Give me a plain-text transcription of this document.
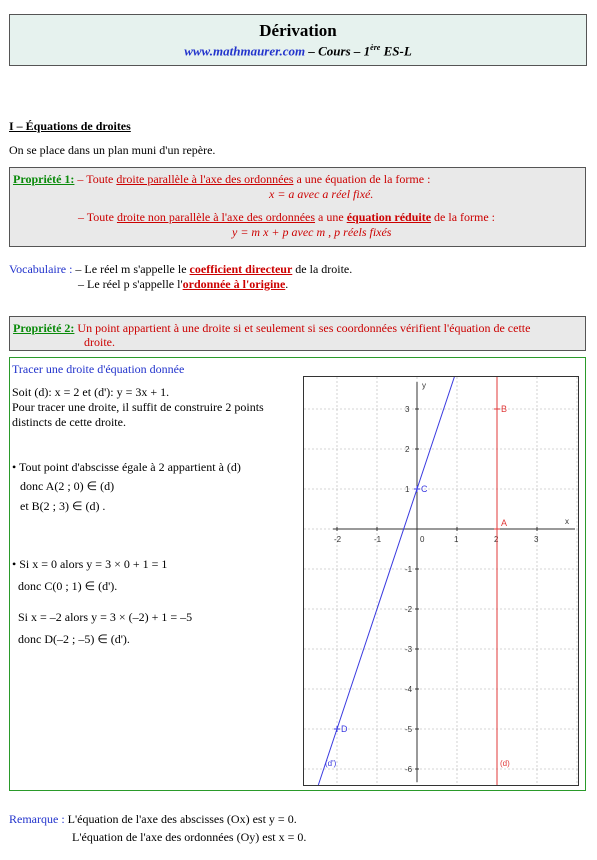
Dérivation
www.mathmaurer.com – Cours – 1ère ES-L
I – Équations de droites
On se place dans un plan muni d'un repère.
Propriété 1: – Toute droite parallèle à l'axe des ordonnées a une équation de la forme :
x = a avec a réel fixé.
– Toute droite non parallèle à l'axe des ordonnées a une équation réduite de la forme :
y = m x + p avec m , p réels fixés
Vocabulaire : – Le réel m s'appelle le coefficient directeur de la droite.
– Le réel p s'appelle l'ordonnée à l'origine.
Propriété 2: Un point appartient à une droite si et seulement si ses coordonnées vérifient l'équation de cette
droite.
Tracer une droite d'équation donnée
Soit (d): x = 2 et (d'): y = 3x + 1.
Pour tracer une droite, il suffit de construire 2 points
distincts de cette droite.
• Tout point d'abscisse égale à 2 appartient à (d)
donc A(2 ; 0) ∈ (d)
et B(2 ; 3) ∈ (d) .
• Si x = 0 alors y = 3 × 0 + 1 = 1
donc C(0 ; 1) ∈ (d').
Si x = –2 alors y = 3 × (–2) + 1 = –5
donc D(–2 ; –5) ∈ (d').
x
y
-2	-1	0	1	2	3
3
2
1
-1
-2
-3
-4
-5
-6
(d)
(d')
A
B
C
D
Remarque : L'équation de l'axe des abscisses (Ox) est y = 0.
L'équation de l'axe des ordonnées (Oy) est x = 0.
